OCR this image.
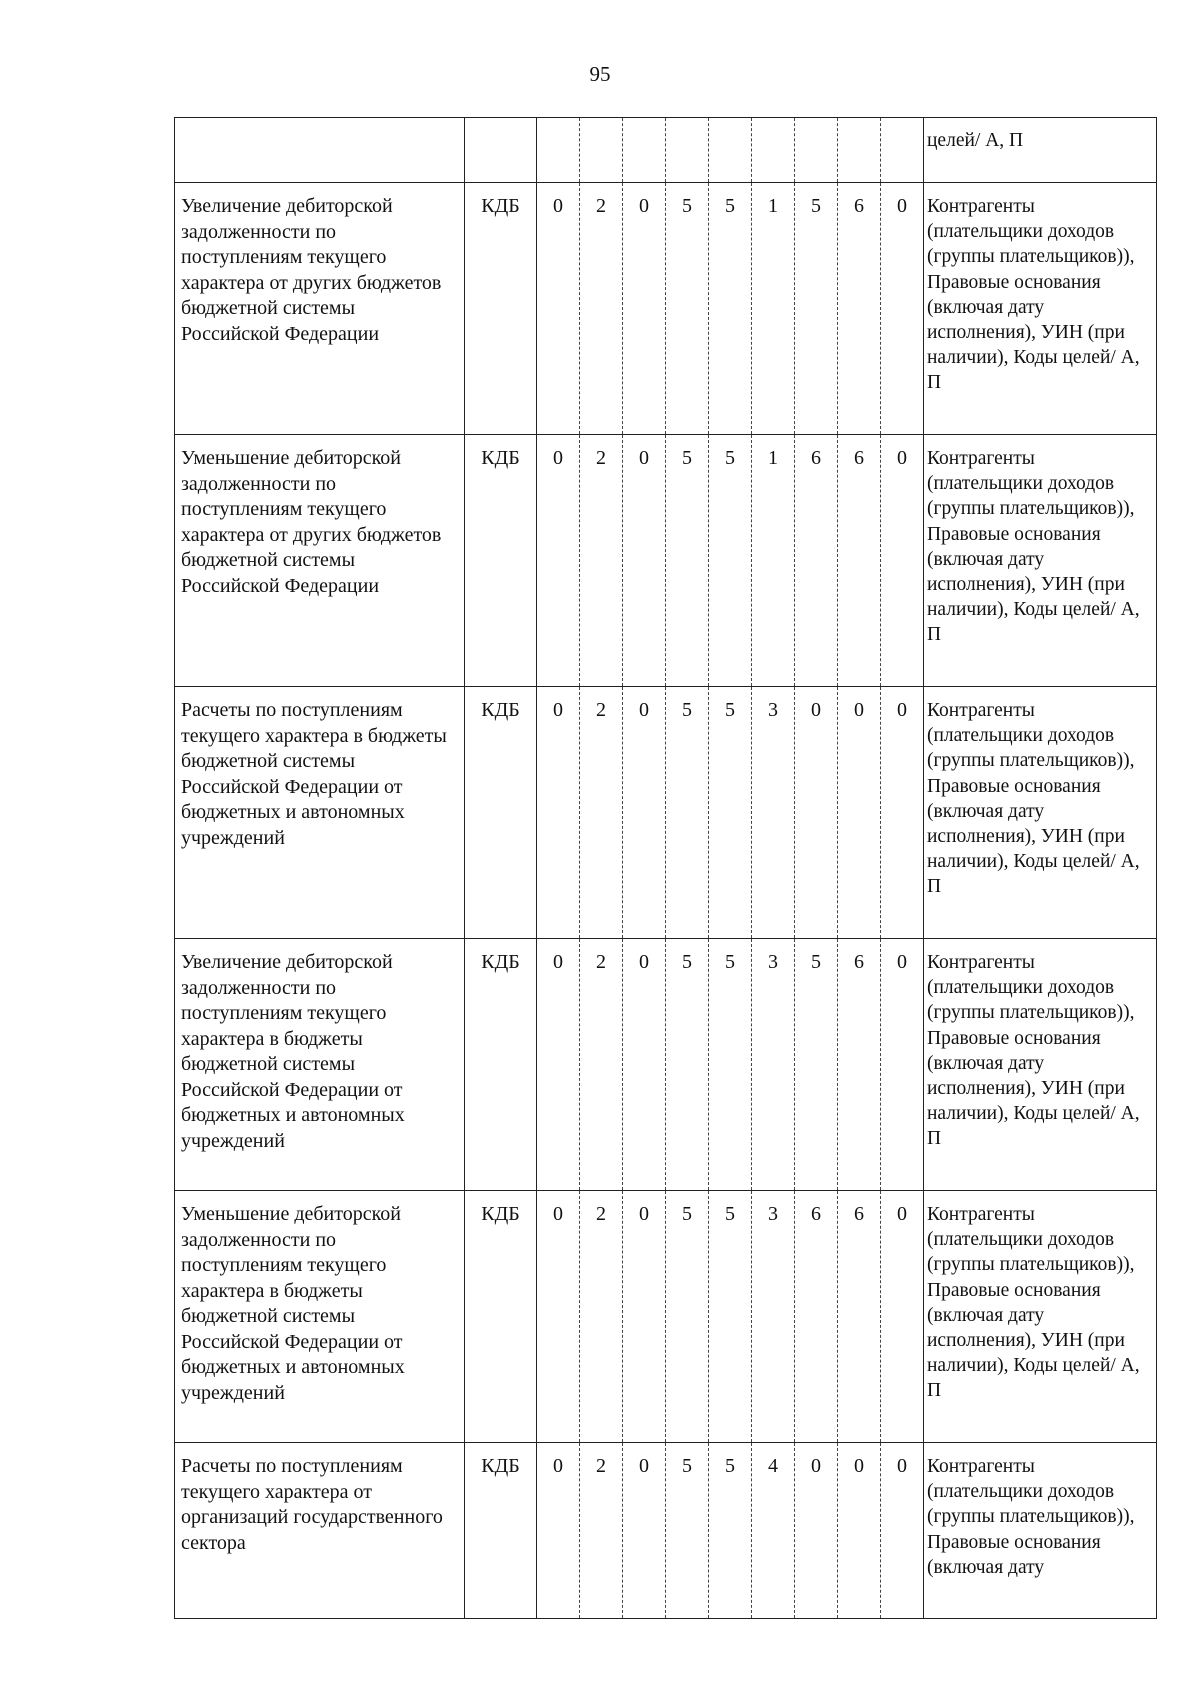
95
											целей/ А, П
Увеличение дебиторской задолженности по поступлениям текущего характера от других бюджетов бюджетной системы Российской Федерации	КДБ	0	2	0	5	5	1	5	6	0	Контрагенты (плательщики доходов (группы плательщиков)), Правовые основания (включая дату исполнения), УИН (при наличии), Коды целей/ А, П
Уменьшение дебиторской задолженности по поступлениям текущего характера от других бюджетов бюджетной системы Российской Федерации	КДБ	0	2	0	5	5	1	6	6	0	Контрагенты (плательщики доходов (группы плательщиков)), Правовые основания (включая дату исполнения), УИН (при наличии), Коды целей/ А, П
Расчеты по поступлениям текущего характера в бюджеты бюджетной системы Российской Федерации от бюджетных и автономных учреждений	КДБ	0	2	0	5	5	3	0	0	0	Контрагенты (плательщики доходов (группы плательщиков)), Правовые основания (включая дату исполнения), УИН (при наличии), Коды целей/ А, П
Увеличение дебиторской задолженности по поступлениям текущего характера в бюджеты бюджетной системы Российской Федерации от бюджетных и автономных учреждений	КДБ	0	2	0	5	5	3	5	6	0	Контрагенты (плательщики доходов (группы плательщиков)), Правовые основания (включая дату исполнения), УИН (при наличии), Коды целей/ А, П
Уменьшение дебиторской задолженности по поступлениям текущего характера в бюджеты бюджетной системы Российской Федерации от бюджетных и автономных учреждений	КДБ	0	2	0	5	5	3	6	6	0	Контрагенты (плательщики доходов (группы плательщиков)), Правовые основания (включая дату исполнения), УИН (при наличии), Коды целей/ А, П
Расчеты по поступлениям текущего характера от организаций государственного сектора	КДБ	0	2	0	5	5	4	0	0	0	Контрагенты (плательщики доходов (группы плательщиков)), Правовые основания (включая дату
